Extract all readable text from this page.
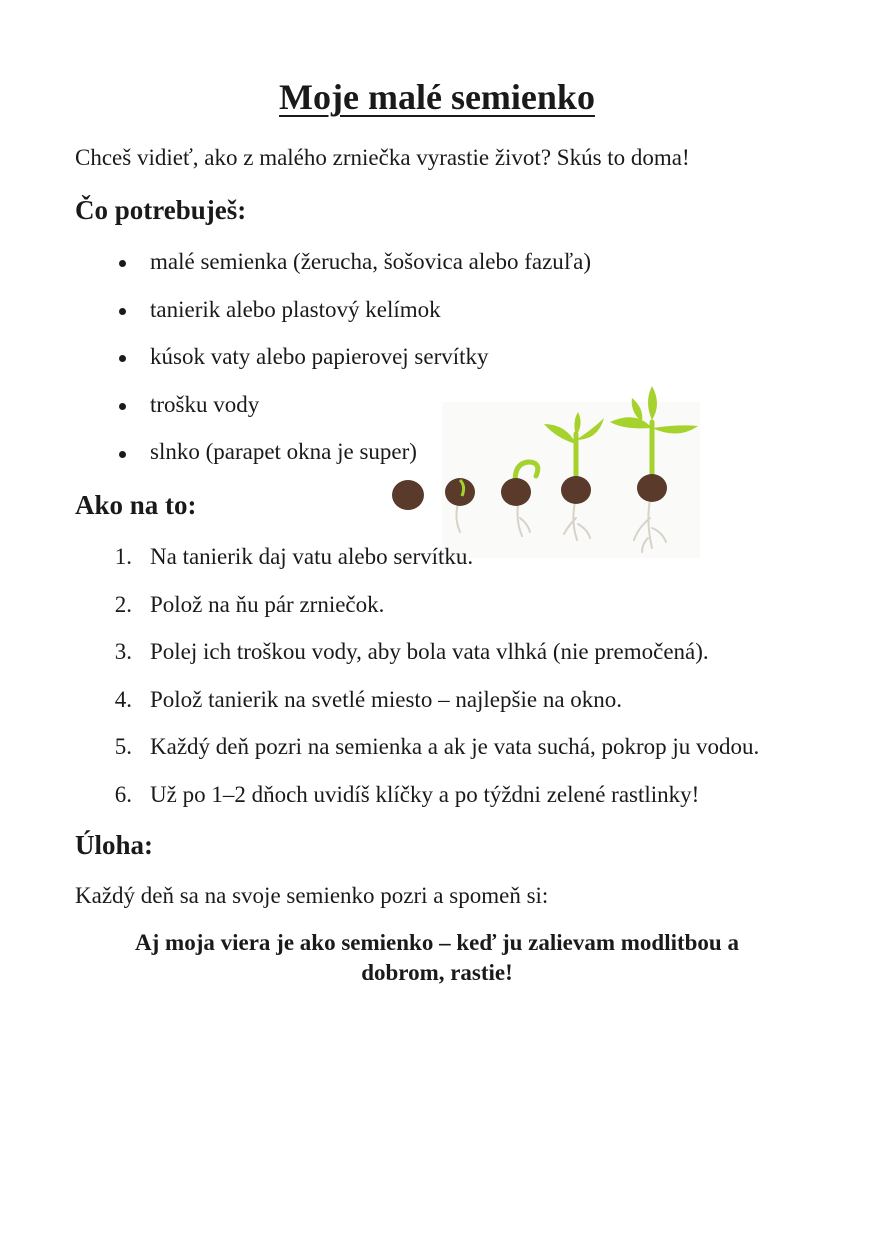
Moje malé semienko

Chceš vidieť, ako z malého zrniečka vyrastie život? Skús to doma!

Čo potrebuješ:
malé semienka (žerucha, šošovica alebo fazuľa)
tanierik alebo plastový kelímok
kúsok vaty alebo papierovej servítky
trošku vody
slnko (parapet okna je super)
Ako na to:
1. Na tanierik daj vatu alebo servítku.
2. Polož na ňu pár zrniečok.
3. Polej ich troškou vody, aby bola vata vlhká (nie premočená).
4. Polož tanierik na svetlé miesto – najlepšie na okno.
5. Každý deň pozri na semienka a ak je vata suchá, pokrop ju vodou.
6. Už po 1–2 dňoch uvidíš klíčky a po týždni zelené rastlinky!
Úloha:

Každý deň sa na svoje semienko pozri a spomeň si:

Aj moja viera je ako semienko – keď ju zalievam modlitbou a dobrom, rastie!
